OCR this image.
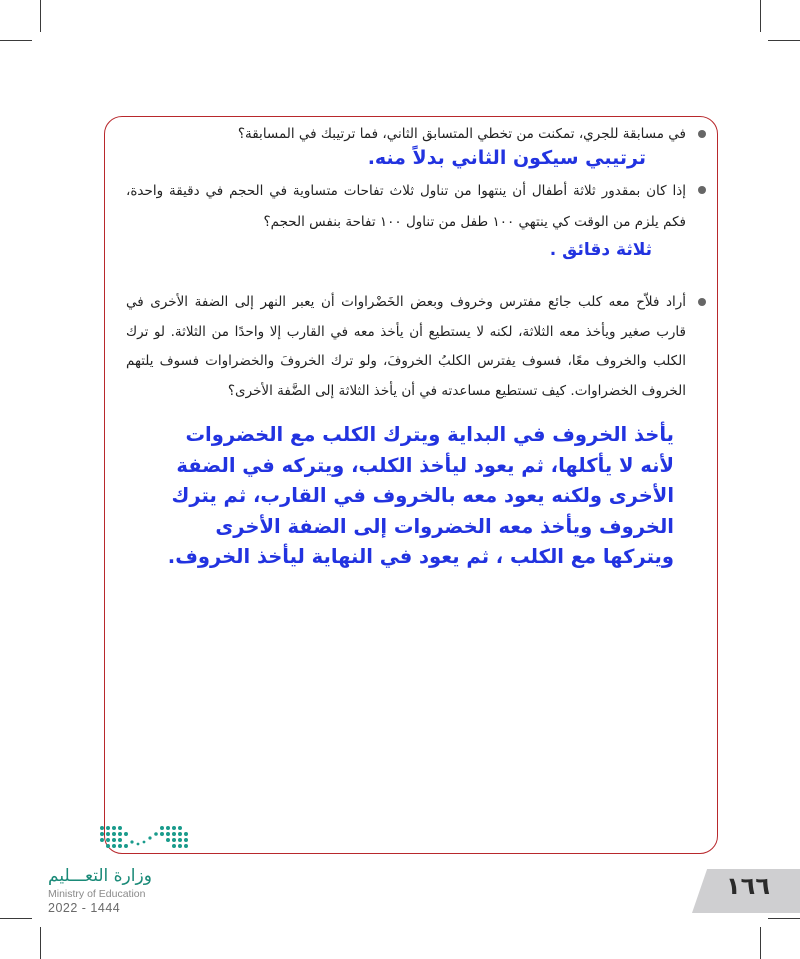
في مسابقة للجري، تمكنت من تخطي المتسابق الثاني، فما ترتيبك في المسابقة؟
ترتيبي سيكون الثاني بدلاً منه.
إذا كان بمقدور ثلاثة أطفال أن ينتهوا من تناول ثلاث تفاحات متساوية في الحجم في دقيقة واحدة، فكم يلزم من الوقت كي ينتهي ١٠٠ طفل من تناول ١٠٠ تفاحة بنفس الحجم؟
ثلاثة دقائق .
أراد فلاّح معه كلب جائع مفترس وخروف وبعض الخَضْراوات أن يعبر النهر إلى الضفة الأخرى في قارب صغير ويأخذ معه الثلاثة، لكنه لا يستطيع أن يأخذ معه في القارب إلا واحدًا من الثلاثة. لو ترك الكلب والخروف معًا، فسوف يفترس الكلبُ الخروفَ، ولو ترك الخروفَ والخضراوات فسوف يلتهم الخروف الخضراوات. كيف تستطيع مساعدته في أن يأخذ الثلاثة إلى الضَّفة الأخرى؟
يأخذ الخروف في البداية ويترك الكلب مع الخضروات لأنه لا يأكلها، ثم يعود ليأخذ الكلب، ويتركه في الضفة الأخرى ولكنه يعود معه بالخروف في القارب، ثم يترك الخروف ويأخذ معه الخضروات إلى الضفة الأخرى ويتركها مع الكلب ، ثم يعود في النهاية ليأخذ الخروف.
وزارة التعـــليم
Ministry of Education
2022 - 1444
١٦٦
